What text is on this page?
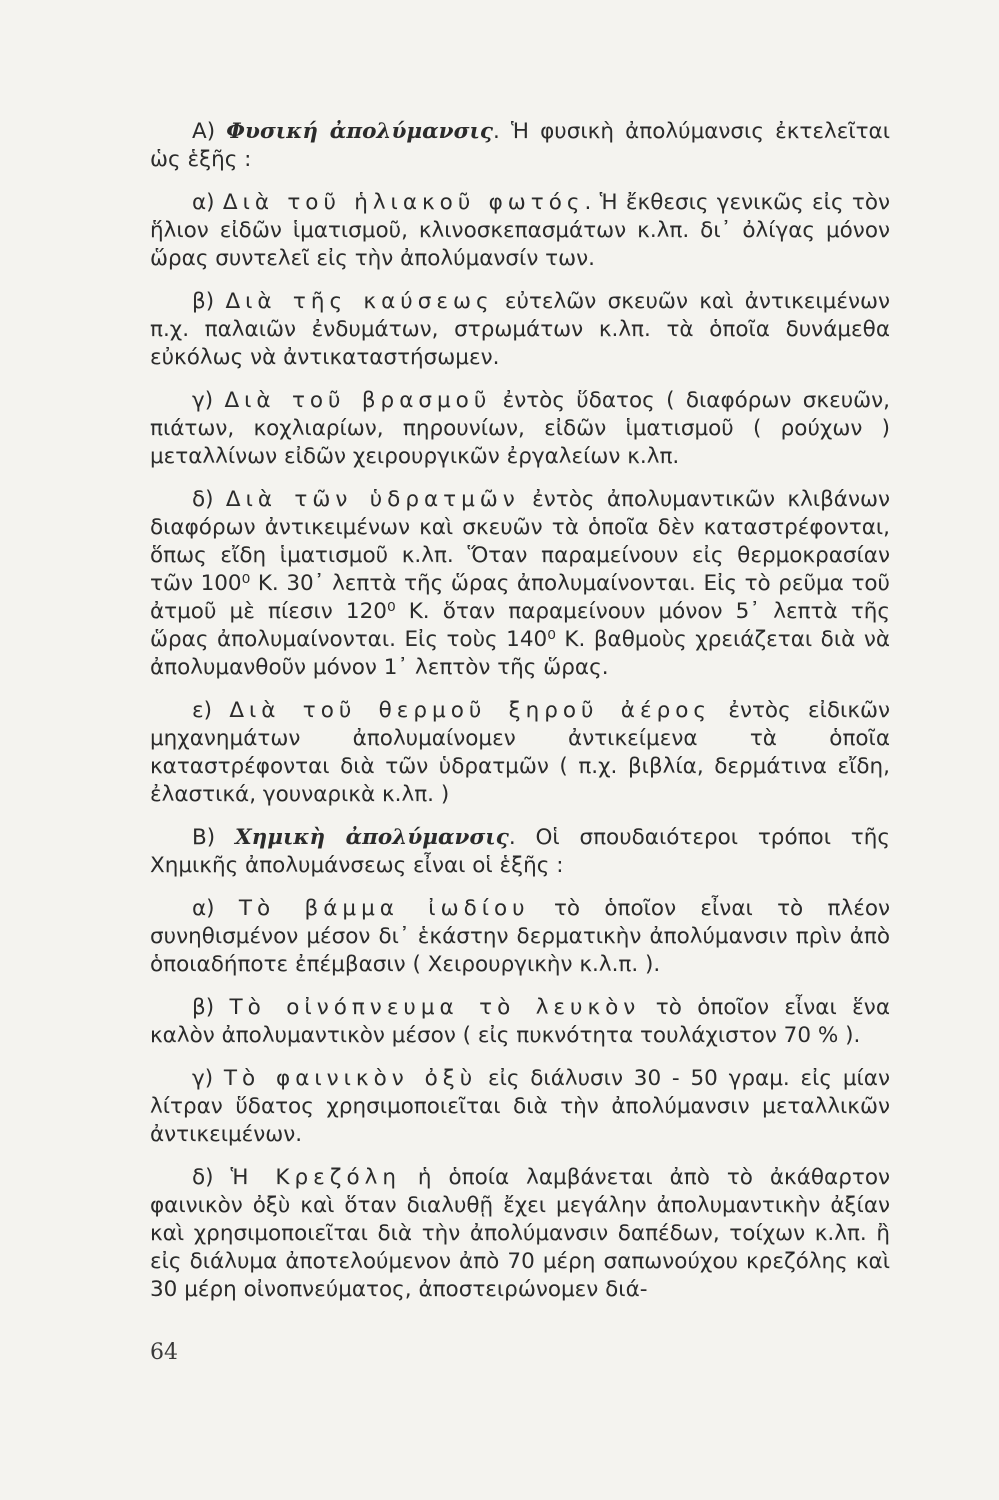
Α) Φυσική ἀπολύμανσις. Ἡ φυσικὴ ἀπολύμανσις ἐκτελεῖται ὡς ἑξῆς :

α) Διὰ τοῦ ἡλιακοῦ φωτός. Ἡ ἔκθεσις γενικῶς εἰς τὸν ἥλιον εἰδῶν ἱματισμοῦ, κλινοσκεπασμάτων κ.λπ. δι᾽ ὀλίγας μόνον ὥρας συντελεῖ εἰς τὴν ἀπολύμανσίν των.

β) Διὰ τῆς καύσεως εὐτελῶν σκευῶν καὶ ἀντικειμένων π.χ. παλαιῶν ἐνδυμάτων, στρωμάτων κ.λπ. τὰ ὁποῖα δυνάμεθα εὐκόλως νὰ ἀντικαταστήσωμεν.

γ) Διὰ τοῦ βρασμοῦ ἐντὸς ὕδατος ( διαφόρων σκευῶν, πιάτων, κοχλιαρίων, πηρουνίων, εἰδῶν ἱματισμοῦ ( ρούχων ) μεταλλίνων εἰδῶν χειρουργικῶν ἐργαλείων κ.λπ.

δ) Διὰ τῶν ὑδρατμῶν ἐντὸς ἀπολυμαντικῶν κλιβάνων διαφόρων ἀντικειμένων καὶ σκευῶν τὰ ὁποῖα δὲν καταστρέφονται, ὅπως εἴδη ἱματισμοῦ κ.λπ. Ὅταν παραμείνουν εἰς θερμοκρασίαν τῶν 100⁰ Κ. 30᾽ λεπτὰ τῆς ὥρας ἀπολυμαίνονται. Εἰς τὸ ρεῦμα τοῦ ἀτμοῦ μὲ πίεσιν 120⁰ Κ. ὅταν παραμείνουν μόνον 5᾽ λεπτὰ τῆς ὥρας ἀπολυμαίνονται. Εἰς τοὺς 140⁰ Κ. βαθμοὺς χρειάζεται διὰ νὰ ἀπολυμανθοῦν μόνον 1᾽ λεπτὸν τῆς ὥρας.

ε) Διὰ τοῦ θερμοῦ ξηροῦ ἀέρος ἐντὸς εἰδικῶν μηχανημάτων ἀπολυμαίνομεν ἀντικείμενα τὰ ὁποῖα καταστρέφονται διὰ τῶν ὑδρατμῶν ( π.χ. βιβλία, δερμάτινα εἴδη, ἐλαστικά, γουναρικὰ κ.λπ. )

Β) Χημικὴ ἀπολύμανσις. Οἱ σπουδαιότεροι τρόποι τῆς Χημικῆς ἀπολυμάνσεως εἶναι οἱ ἑξῆς :

α) Τὸ βάμμα ἰωδίου τὸ ὁποῖον εἶναι τὸ πλέον συνηθισμένον μέσον δι᾽ ἑκάστην δερματικὴν ἀπολύμανσιν πρὶν ἀπὸ ὁποιαδήποτε ἐπέμβασιν ( Χειρουργικὴν κ.λ.π. ).

β) Τὸ οἰνόπνευμα τὸ λευκὸν τὸ ὁποῖον εἶναι ἕνα καλὸν ἀπολυμαντικὸν μέσον ( εἰς πυκνότητα τουλάχιστον 70 % ).

γ) Τὸ φαινικὸν ὀξὺ εἰς διάλυσιν 30 - 50 γραμ. εἰς μίαν λίτραν ὕδατος χρησιμοποιεῖται διὰ τὴν ἀπολύμανσιν μεταλλικῶν ἀντικειμένων.

δ) Ἡ Κρεζόλη ἡ ὁποία λαμβάνεται ἀπὸ τὸ ἀκάθαρτον φαινικὸν ὀξὺ καὶ ὅταν διαλυθῇ ἔχει μεγάλην ἀπολυμαντικὴν ἀξίαν καὶ χρησιμοποιεῖται διὰ τὴν ἀπολύμανσιν δαπέδων, τοίχων κ.λπ. ἢ εἰς διάλυμα ἀποτελούμενον ἀπὸ 70 μέρη σαπωνούχου κρεζόλης καὶ 30 μέρη οἰνοπνεύματος, ἀποστειρώνομεν διά-

64
